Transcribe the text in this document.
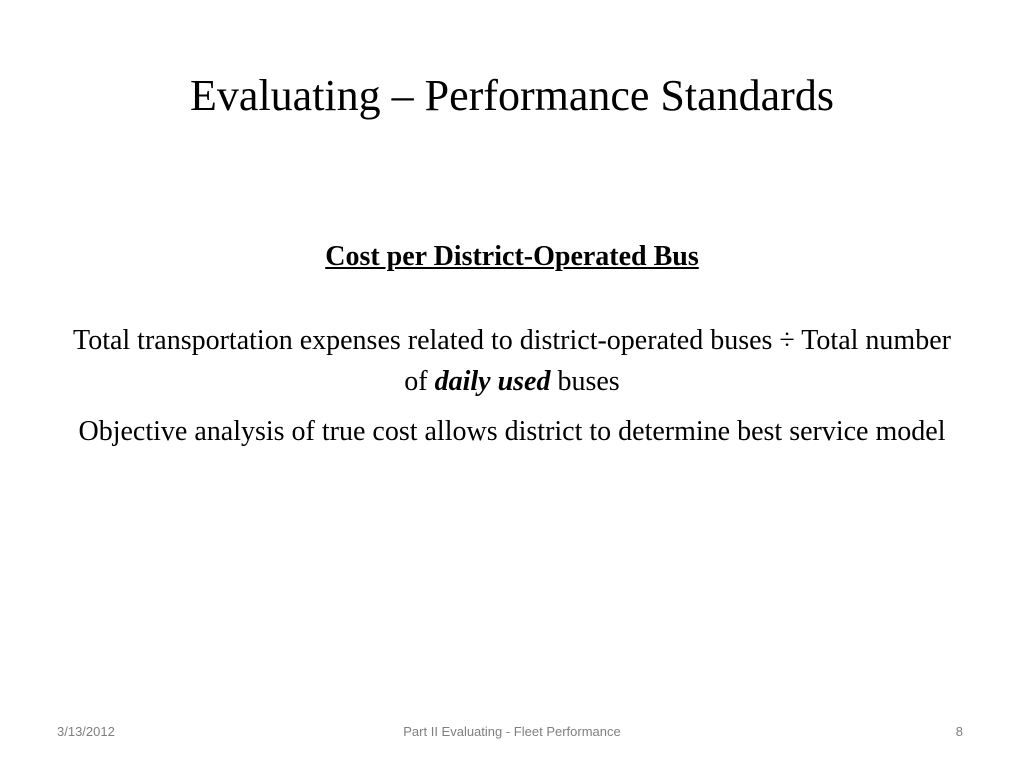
Evaluating – Performance Standards

Cost per District-Operated Bus

Total transportation expenses related to district-operated buses ÷ Total number of daily used buses

Objective analysis of true cost allows district to determine best service model

3/13/2012	Part II Evaluating - Fleet Performance	8
